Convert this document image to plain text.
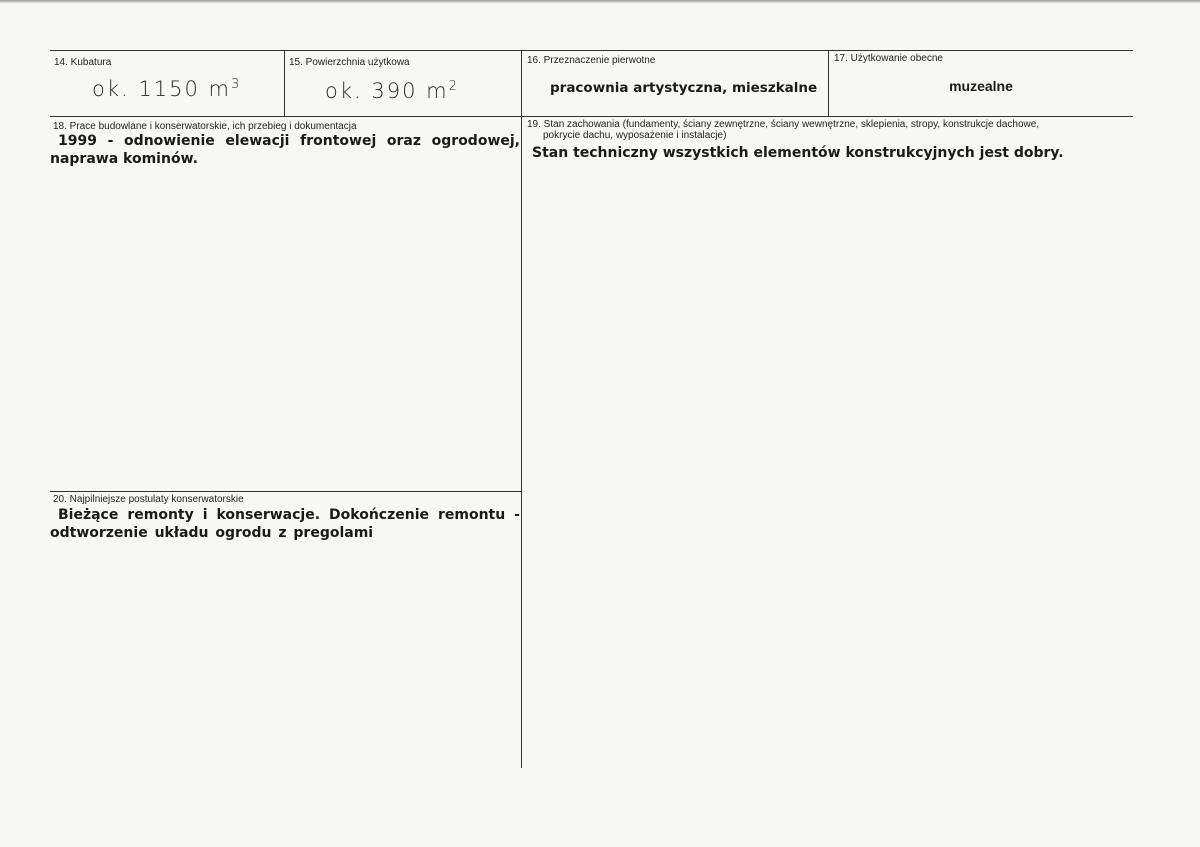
14. Kubatura
ok. 1150 $m^3$
15. Powierzchnia użytkowa
ok. 390 $m^2$
16. Przeznaczenie pierwotne
pracownia artystyczna, mieszkalne
17. Użytkowanie obecne
muzealne
18. Prace budowlane i konserwatorskie, ich przebieg i dokumentacja
1999 - odnowienie elewacji frontowej oraz ogrodowej, naprawa kominów.
19. Stan zachowania (fundamenty, ściany zewnętrzne, ściany wewnętrzne, sklepienia, stropy, konstrukcje dachowe,
pokrycie dachu, wyposażenie i instalacje)
Stan techniczny wszystkich elementów konstrukcyjnych jest dobry.
20. Najpilniejsze postulaty konserwatorskie
Bieżące remonty i konserwacje. Dokończenie remontu - odtworzenie układu ogrodu z pregolami
